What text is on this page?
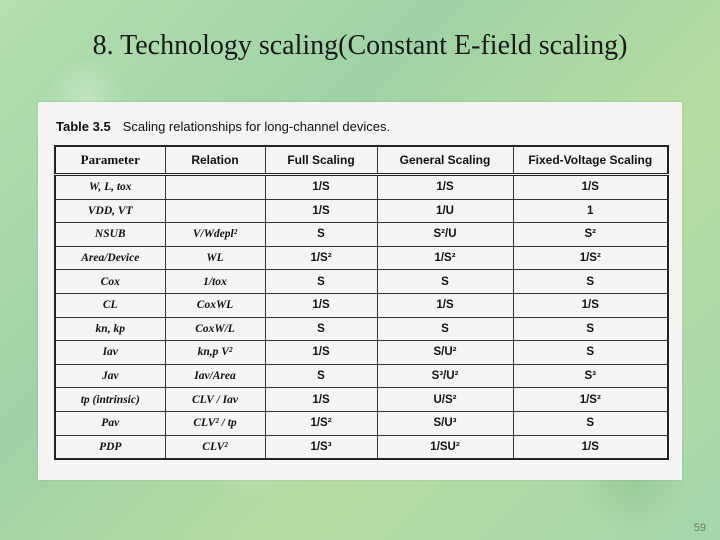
8. Technology scaling(Constant E-field scaling)
Table 3.5 Scaling relationships for long-channel devices.
Parameter	Relation	Full Scaling	General Scaling	Fixed-Voltage Scaling
W, L, tox		1/S	1/S	1/S
VDD, VT		1/S	1/U	1
NSUB	V/Wdepl²	S	S²/U	S²
Area/Device	WL	1/S²	1/S²	1/S²
Cox	1/tox	S	S	S
CL	CoxWL	1/S	1/S	1/S
kn, kp	CoxW/L	S	S	S
Iav	kn,p V²	1/S	S/U²	S
Jav	Iav/Area	S	S³/U²	S³
tp (intrinsic)	CLV / Iav	1/S	U/S²	1/S²
Pav	CLV² / tp	1/S²	S/U³	S
PDP	CLV²	1/S³	1/SU²	1/S
59
